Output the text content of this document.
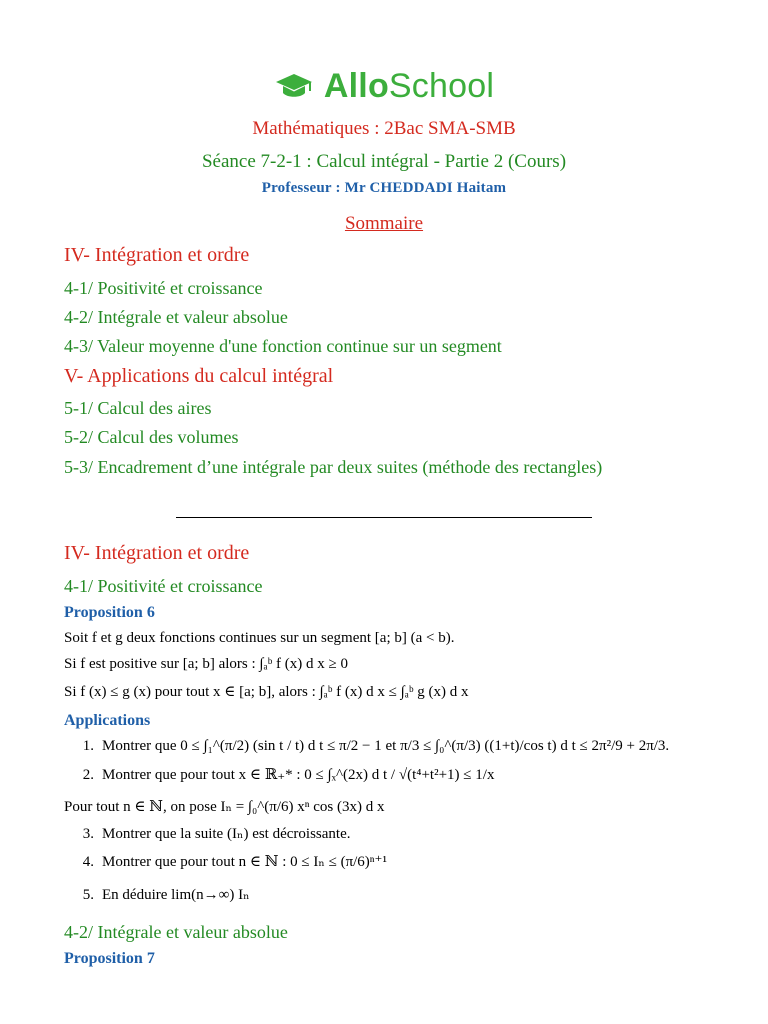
AlloSchool
Mathématiques : 2Bac SMA-SMB
Séance 7-2-1 : Calcul intégral - Partie 2 (Cours)
Professeur : Mr CHEDDADI Haitam
Sommaire
IV- Intégration et ordre
4-1/ Positivité et croissance
4-2/ Intégrale et valeur absolue
4-3/ Valeur moyenne d'une fonction continue sur un segment
V- Applications du calcul intégral
5-1/ Calcul des aires
5-2/ Calcul des volumes
5-3/ Encadrement d’une intégrale par deux suites (méthode des rectangles)
IV- Intégration et ordre
4-1/ Positivité et croissance
Proposition 6
Soit f et g deux fonctions continues sur un segment [a; b] (a < b).
Si f est positive sur [a; b] alors : ∫ₐᵇ f (x) d x ≥ 0
Si f (x) ≤ g (x) pour tout x ∈ [a; b], alors : ∫ₐᵇ f (x) d x ≤ ∫ₐᵇ g (x) d x
Applications
1. Montrer que 0 ≤ ∫₁^(π/2) (sin t / t) d t ≤ π/2 − 1 et π/3 ≤ ∫₀^(π/3) ((1+t)/cos t) d t ≤ 2π²/9 + 2π/3.
2. Montrer que pour tout x ∈ ℝ₊* : 0 ≤ ∫ₓ^(2x) d t / √(t⁴+t²+1) ≤ 1/x
Pour tout n ∈ ℕ, on pose Iₙ = ∫₀^(π/6) xⁿ cos (3x) d x
3. Montrer que la suite (Iₙ) est décroissante.
4. Montrer que pour tout n ∈ ℕ : 0 ≤ Iₙ ≤ (π/6)ⁿ⁺¹
5. En déduire lim(n→∞) Iₙ
4-2/ Intégrale et valeur absolue
Proposition 7
